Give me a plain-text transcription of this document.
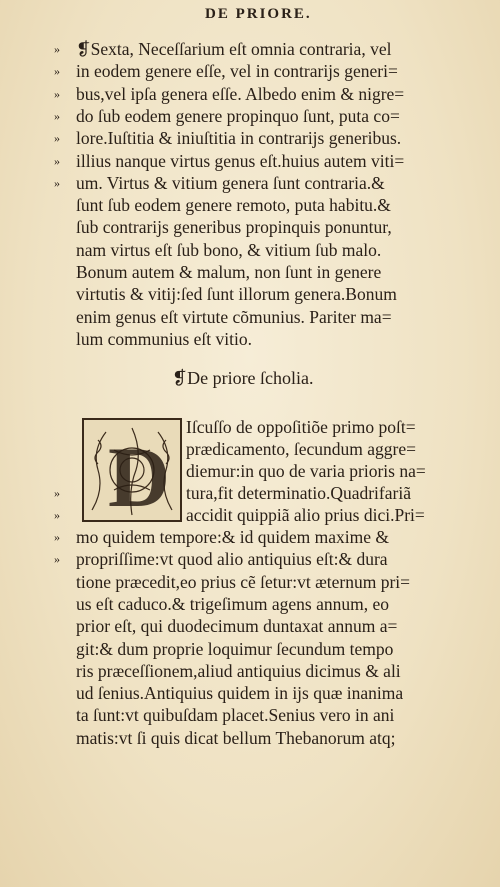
DE PRIORE.
» ❡Sexta, Neceſſarium eſt omnia contraria, vel
» in eodem genere eſſe, vel in contrarijs generi=
» bus,vel ipſa genera eſſe. Albedo enim & nigre=
» do ſub eodem genere propinquo ſunt, puta co=
» lore.Iuſtitia & iniuſtitia in contrarijs generibus.
» illius nanque virtus genus eſt.huius autem viti=
» um. Virtus & vitium genera ſunt contraria.&
ſunt ſub eodem genere remoto, puta habitu.&
ſub contrarijs generibus propinquis ponuntur,
nam virtus eſt ſub bono, & vitium ſub malo.
Bonum autem & malum, non ſunt in genere
virtutis & vitij:ſed ſunt illorum genera.Bonum
enim genus eſt virtute cõmunius. Pariter ma=
lum communius eſt vitio.
❡De priore ſcholia.
D
Iſcuſſo de oppoſitiõe primo poſt=
prædicamento, ſecundum aggre=
diemur:in quo de varia prioris na=
»	tura,fit determinatio.Quadrifariã
»	accidit quippiã alio prius dici.Pri=
» mo quidem tempore:& id quidem maxime &
» propriſſime:vt quod alio antiquius eſt:& dura
tione præcedit,eo prius cẽ ſetur:vt æternum pri=
us eſt caduco.& trigeſimum agens annum, eo
prior eſt, qui duodecimum duntaxat annum a=
git:& dum proprie loquimur ſecundum tempo
ris præceſſionem,aliud antiquius dicimus & ali
ud ſenius.Antiquius quidem in ijs quæ inanima
ta ſunt:vt quibuſdam placet.Senius vero in ani
matis:vt ſi quis dicat bellum Thebanorum atq;
